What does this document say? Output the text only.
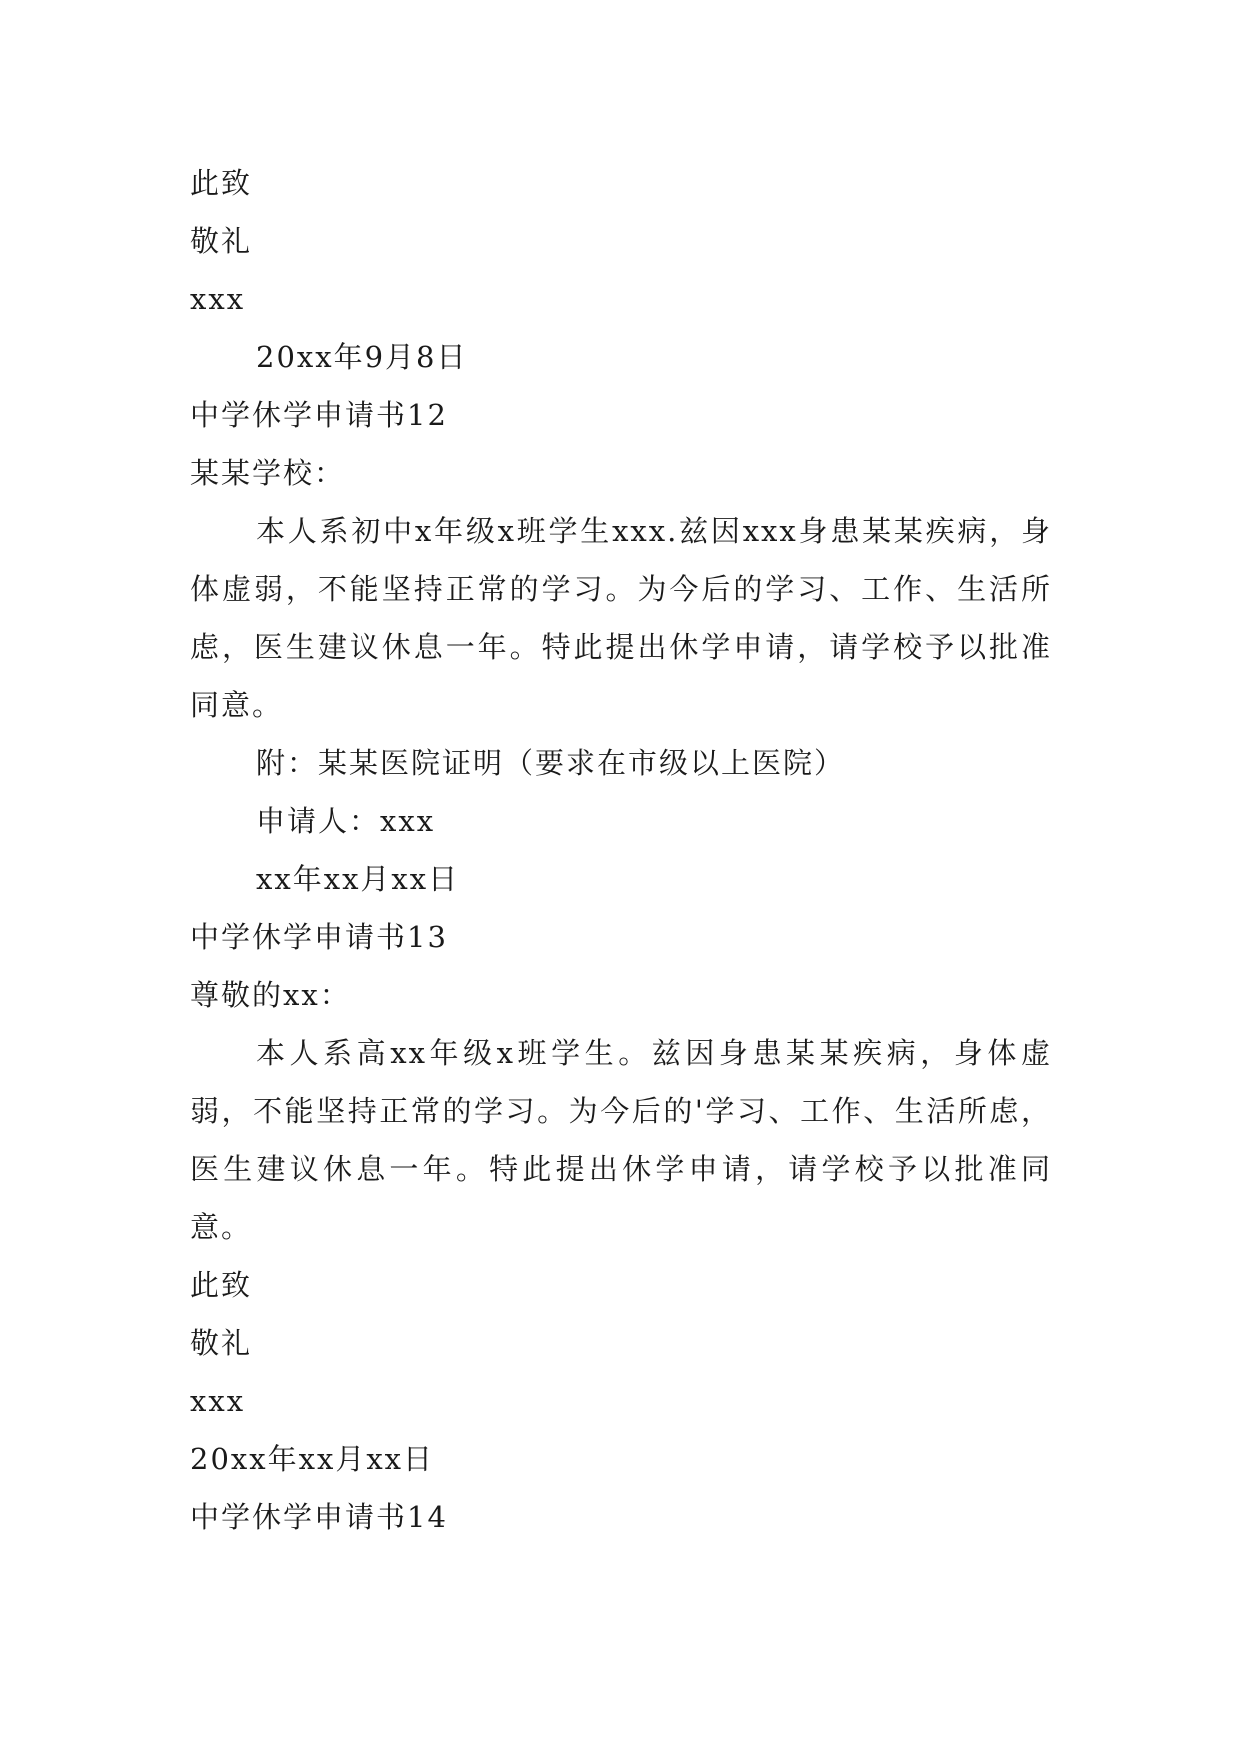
此致

敬礼

xxx

20xx年9月8日

中学休学申请书12

某某学校：

本人系初中x年级x班学生xxx.兹因xxx身患某某疾病，身体虚弱，不能坚持正常的学习。为今后的学习、工作、生活所虑，医生建议休息一年。特此提出休学申请，请学校予以批准同意。

附：某某医院证明（要求在市级以上医院）

申请人：xxx

xx年xx月xx日

中学休学申请书13

尊敬的xx：

本人系高xx年级x班学生。兹因身患某某疾病，身体虚弱，不能坚持正常的学习。为今后的'学习、工作、生活所虑，医生建议休息一年。特此提出休学申请，请学校予以批准同意。

此致

敬礼

xxx

20xx年xx月xx日

中学休学申请书14
